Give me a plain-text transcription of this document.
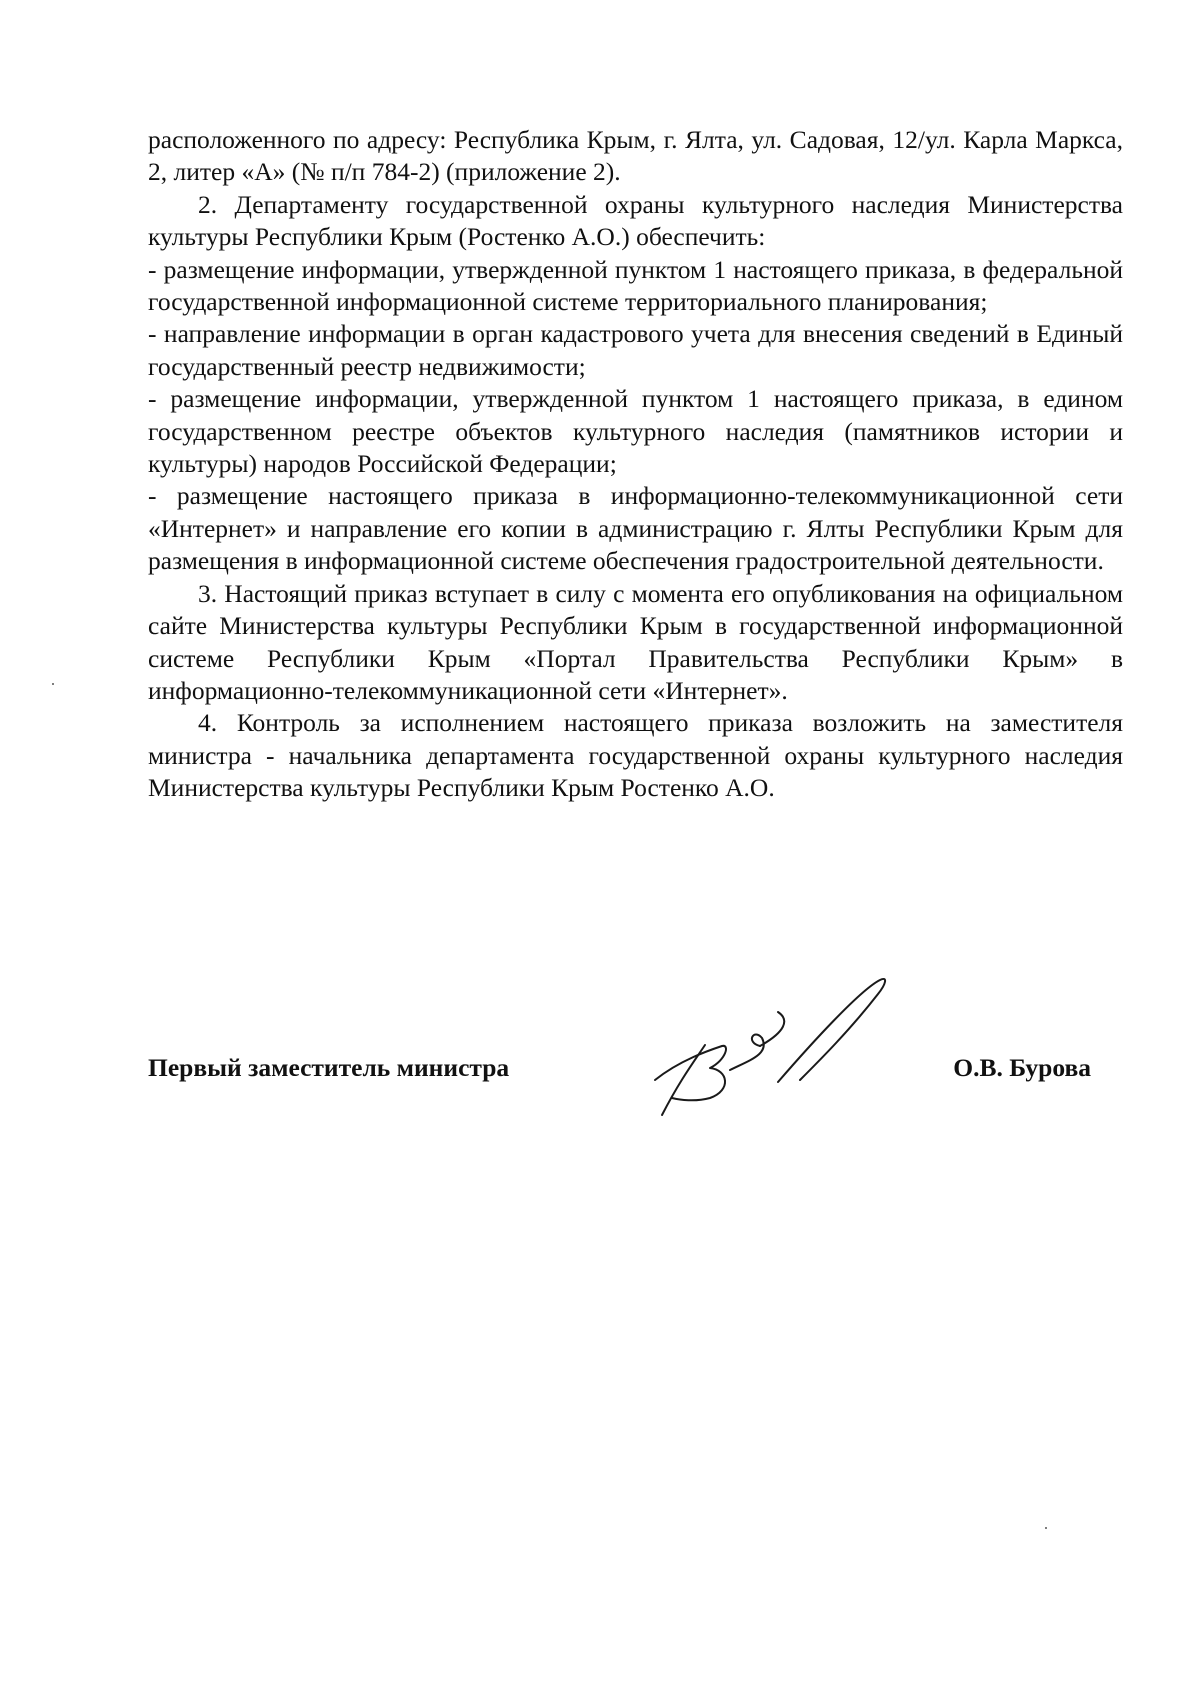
расположенного по адресу: Республика Крым, г. Ялта, ул. Садовая, 12/ул. Карла Маркса, 2, литер «А» (№ п/п 784-2) (приложение 2).

2. Департаменту государственной охраны культурного наследия Министерства культуры Республики Крым (Ростенко А.О.) обеспечить:

- размещение информации, утвержденной пунктом 1 настоящего приказа, в федеральной государственной информационной системе территориального планирования;

- направление информации в орган кадастрового учета для внесения сведений в Единый государственный реестр недвижимости;

- размещение информации, утвержденной пунктом 1 настоящего приказа, в едином государственном реестре объектов культурного наследия (памятников истории и культуры) народов Российской Федерации;

- размещение настоящего приказа в информационно-телекоммуникационной сети «Интернет» и направление его копии в администрацию г. Ялты Республики Крым для размещения в информационной системе обеспечения градостроительной деятельности.

3. Настоящий приказ вступает в силу с момента его опубликования на официальном сайте Министерства культуры Республики Крым в государственной информационной системе Республики Крым «Портал Правительства Республики Крым» в информационно-телекоммуникационной сети «Интернет».

4. Контроль за исполнением настоящего приказа возложить на заместителя министра - начальника департамента государственной охраны культурного наследия Министерства культуры Республики Крым Ростенко А.О.

Первый заместитель министра	О.В. Бурова
